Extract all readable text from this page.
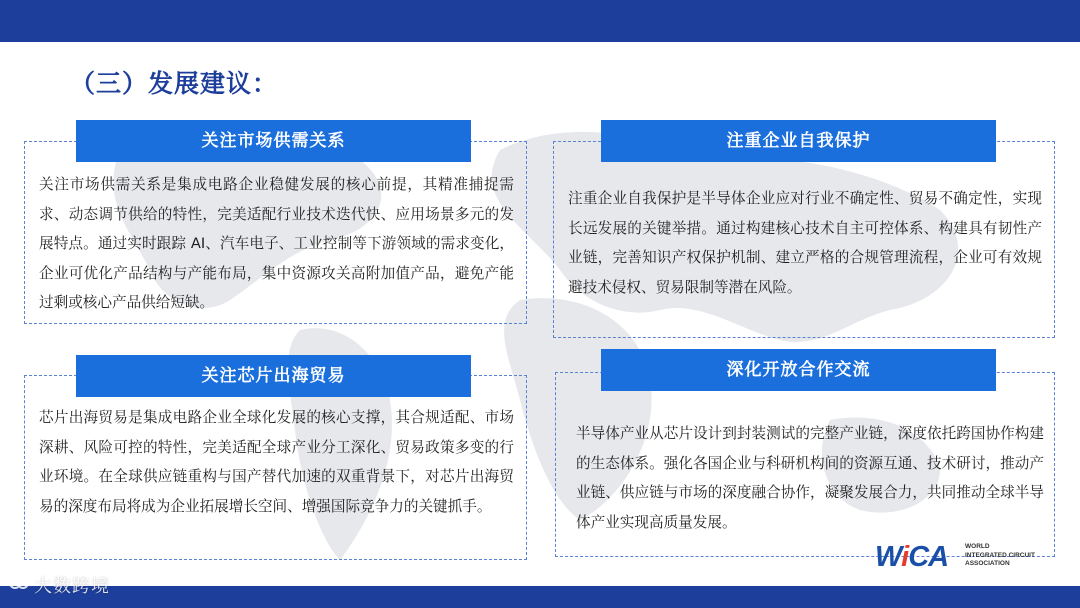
（三）发展建议：

关注市场供需关系是集成电路企业稳健发展的核心前提，其精准捕捉需求、动态调节供给的特性，完美适配行业技术迭代快、应用场景多元的发展特点。通过实时跟踪 AI、汽车电子、工业控制等下游领域的需求变化，企业可优化产品结构与产能布局，集中资源攻关高附加值产品，避免产能过剩或核心产品供给短缺。

关注市场供需关系

注重企业自我保护是半导体企业应对行业不确定性、贸易不确定性，实现长远发展的关键举措。通过构建核心技术自主可控体系、构建具有韧性产业链，完善知识产权保护机制、建立严格的合规管理流程，企业可有效规避技术侵权、贸易限制等潜在风险。

注重企业自我保护

芯片出海贸易是集成电路企业全球化发展的核心支撑，其合规适配、市场深耕、风险可控的特性，完美适配全球产业分工深化、贸易政策多变的行业环境。在全球供应链重构与国产替代加速的双重背景下，对芯片出海贸易的深度布局将成为企业拓展增长空间、增强国际竞争力的关键抓手。

关注芯片出海贸易

半导体产业从芯片设计到封装测试的完整产业链，深度依托跨国协作构建的生态体系。强化各国企业与科研机构间的资源互通、技术研讨，推动产业链、供应链与市场的深度融合协作，凝聚发展合力，共同推动全球半导体产业实现高质量发展。

深化开放合作交流
WiCA	WORLD
INTEGRATED CIRCUIT
ASSOCIATION
大数跨境
